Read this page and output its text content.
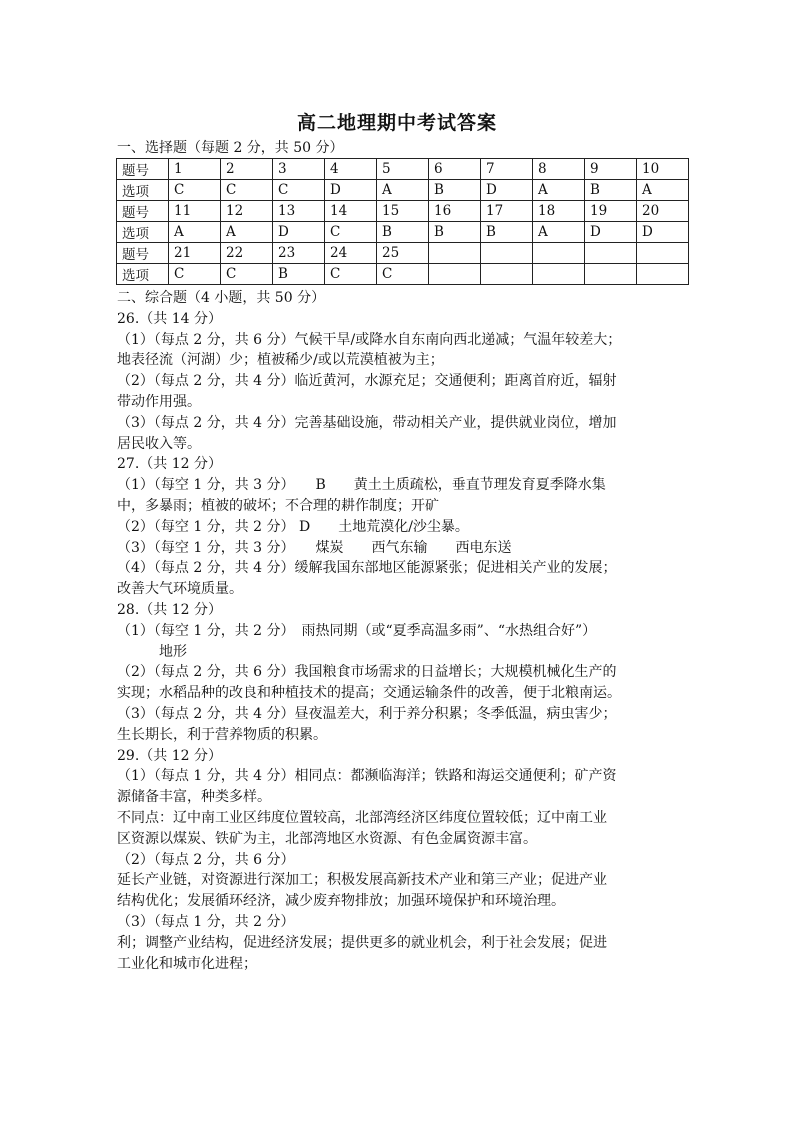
高二地理期中考试答案
一、选择题（每题 2 分，共 50 分）
题号	1	2	3	4	5	6	7	8	9	10
选项	C	C	C	D	A	B	D	A	B	A
题号	11	12	13	14	15	16	17	18	19	20
选项	A	A	D	C	B	B	B	A	D	D
题号	21	22	23	24	25					
选项	C	C	B	C	C					
二、综合题（4 小题，共 50 分）
26.（共 14 分）
（1）（每点 2 分，共 6 分）气候干旱/或降水自东南向西北递减；气温年较差大；
地表径流（河湖）少；植被稀少/或以荒漠植被为主；
（2）（每点 2 分，共 4 分）临近黄河，水源充足；交通便利；距离首府近，辐射
带动作用强。
（3）（每点 2 分，共 4 分）完善基础设施，带动相关产业，提供就业岗位，增加
居民收入等。
27.（共 12 分）
（1）（每空 1 分，共 3 分）　　B　　黄土土质疏松，垂直节理发育夏季降水集
中，多暴雨；植被的破坏；不合理的耕作制度；开矿
（2）（每空 1 分，共 2 分） D　　土地荒漠化/沙尘暴。
（3）（每空 1 分，共 3 分）　　煤炭　　西气东输　　西电东送
（4）（每点 2 分，共 4 分）缓解我国东部地区能源紧张；促进相关产业的发展；
改善大气环境质量。
28.（共 12 分）
（1）（每空 1 分，共 2 分）　雨热同期（或“夏季高温多雨”、“水热组合好”）
　　　地形
（2）（每点 2 分，共 6 分）我国粮食市场需求的日益增长；大规模机械化生产的
实现；水稻品种的改良和种植技术的提高；交通运输条件的改善，便于北粮南运。
（3）（每点 2 分，共 4 分）昼夜温差大，利于养分积累；冬季低温，病虫害少；
生长期长，利于营养物质的积累。
29.（共 12 分）
（1）（每点 1 分，共 4 分）相同点：都濒临海洋；铁路和海运交通便利；矿产资
源储备丰富，种类多样。
不同点：辽中南工业区纬度位置较高，北部湾经济区纬度位置较低；辽中南工业
区资源以煤炭、铁矿为主，北部湾地区水资源、有色金属资源丰富。
（2）（每点 2 分，共 6 分）
延长产业链，对资源进行深加工；积极发展高新技术产业和第三产业；促进产业
结构优化；发展循环经济，减少废弃物排放；加强环境保护和环境治理。
（3）（每点 1 分，共 2 分）
利；调整产业结构，促进经济发展；提供更多的就业机会，利于社会发展；促进
工业化和城市化进程；
